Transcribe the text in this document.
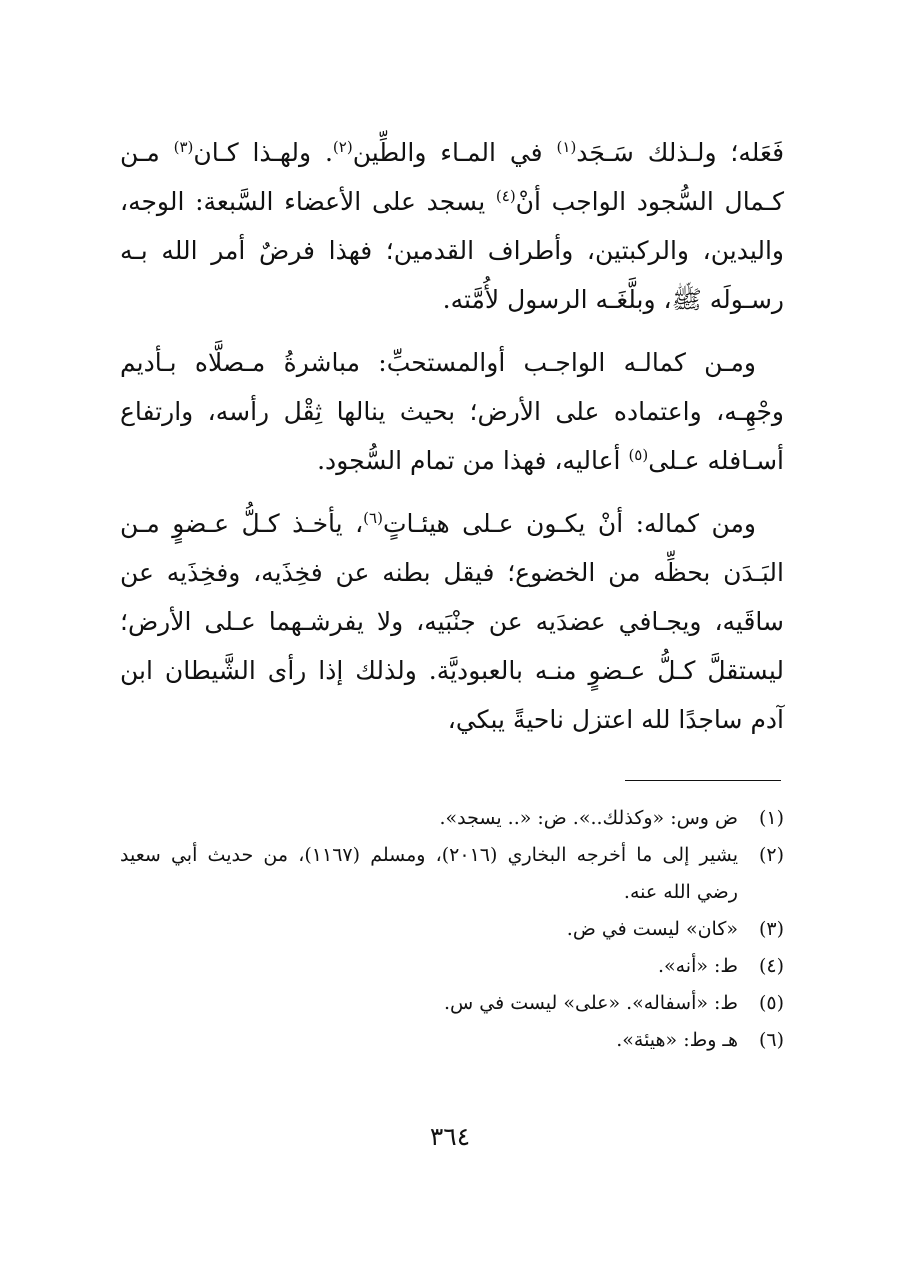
فَعَله؛ ولـذلك سَـجَد$^{(١)}$ في المـاء والطِّين$^{(٢)}$. ولهـذا كـان$^{(٣)}$ مـن كـمال السُّجود الواجب أنْ$^{(٤)}$ يسجد على الأعضاء السَّبعة: الوجه، واليدين، والركبتين، وأطراف القدمين؛ فهذا فرضٌ أمر الله بـه رسـولَه ﷺ، وبلَّغَـه الرسول لأُمَّته.

ومـن كمالـه الواجـب أوالمستحبِّ: مباشرةُ مـصلَّاه بـأديم وجْهِـه، واعتماده على الأرض؛ بحيث ينالها ثِقْل رأسه، وارتفاع أسـافله عـلى$^{(٥)}$ أعاليه، فهذا من تمام السُّجود.

ومن كماله: أنْ يكـون عـلى هيئـاتٍ$^{(٦)}$، يأخـذ كـلُّ عـضوٍ مـن البَـدَن بحظِّه من الخضوع؛ فيقل بطنه عن فخِذَيه، وفخِذَيه عن ساقَيه، ويجـافي عضدَيه عن جنْبَيه، ولا يفرشـهما عـلى الأرض؛ ليستقلَّ كـلُّ عـضوٍ منـه بالعبوديَّة. ولذلك إذا رأى الشَّيطان ابن آدم ساجدًا لله اعتزل ناحيةً يبكي،

(١)
ض وس: «وكذلك..». ض: «.. يسجد».
(٢)
يشير إلى ما أخرجه البخاري (٢٠١٦)، ومسلم (١١٦٧)، من حديث أبي سعيد رضي الله عنه.
(٣)
«كان» ليست في ض.
(٤)
ط: «أنه».
(٥)
ط: «أسفاله». «على» ليست في س.
(٦)
هـ وط: «هيئة».
٣٦٤
